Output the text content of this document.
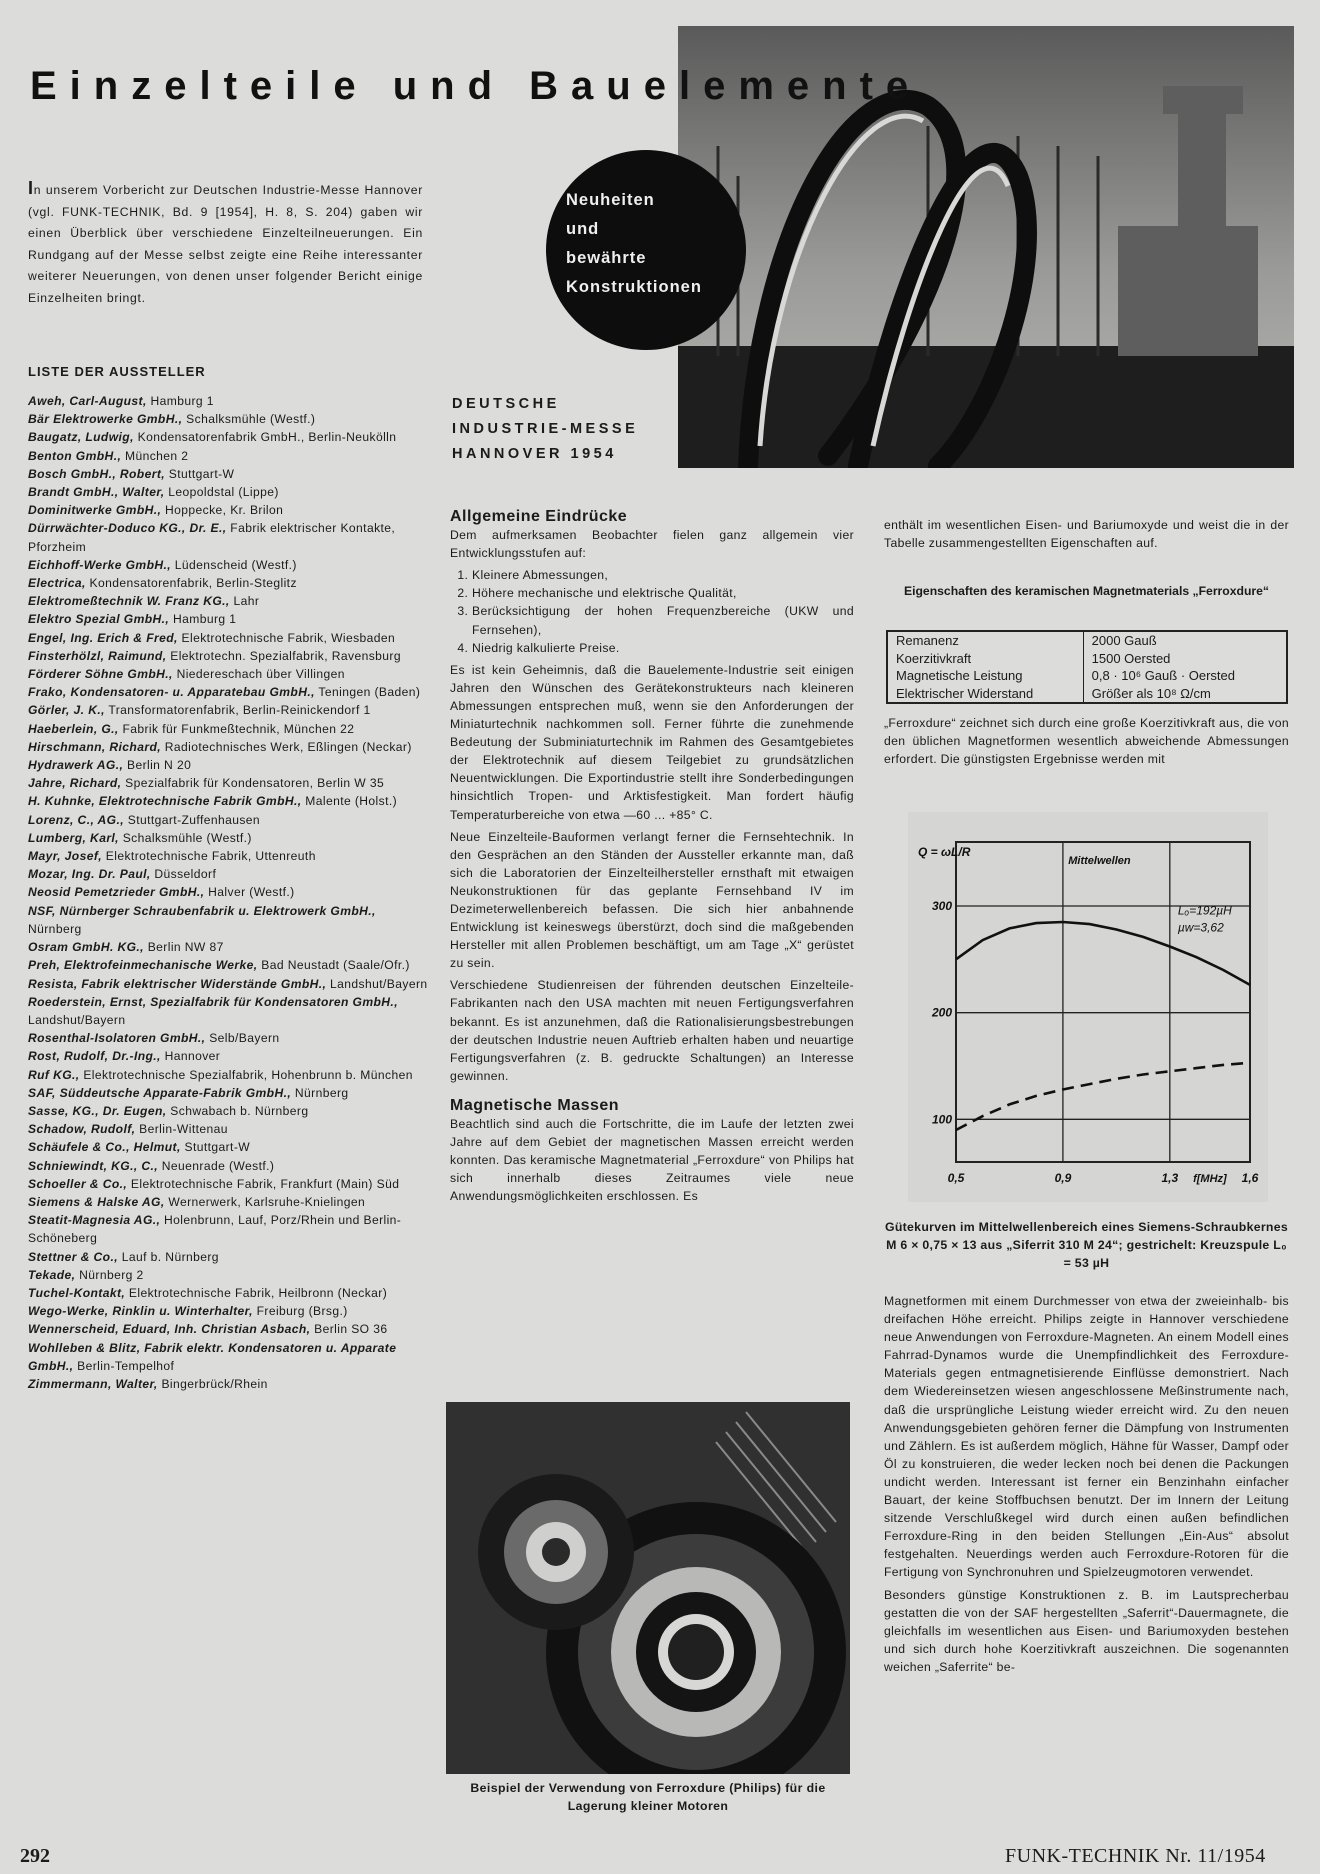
Einzelteile und Bauelemente
Neuheiten
und
bewährte
Konstruktionen
In unserem Vorbericht zur Deutschen Industrie-Messe Hannover (vgl. FUNK-TECHNIK, Bd. 9 [1954], H. 8, S. 204) gaben wir einen Überblick über verschiedene Einzelteilneuerungen. Ein Rundgang auf der Messe selbst zeigte eine Reihe interessanter weiterer Neuerungen, von denen unser folgender Bericht einige Einzelheiten bringt.
LISTE DER AUSSTELLER
Aweh, Carl-August, Hamburg 1
Bär Elektrowerke GmbH., Schalksmühle (Westf.)
Baugatz, Ludwig, Kondensatorenfabrik GmbH., Berlin-Neukölln
Benton GmbH., München 2
Bosch GmbH., Robert, Stuttgart-W
Brandt GmbH., Walter, Leopoldstal (Lippe)
Dominitwerke GmbH., Hoppecke, Kr. Brilon
Dürrwächter-Doduco KG., Dr. E., Fabrik elektrischer Kontakte, Pforzheim
Eichhoff-Werke GmbH., Lüdenscheid (Westf.)
Electrica, Kondensatorenfabrik, Berlin-Steglitz
Elektromeßtechnik W. Franz KG., Lahr
Elektro Spezial GmbH., Hamburg 1
Engel, Ing. Erich & Fred, Elektrotechnische Fabrik, Wiesbaden
Finsterhölzl, Raimund, Elektrotechn. Spezialfabrik, Ravensburg
Förderer Söhne GmbH., Niedereschach über Villingen
Frako, Kondensatoren- u. Apparatebau GmbH., Teningen (Baden)
Görler, J. K., Transformatorenfabrik, Berlin-Reinickendorf 1
Haeberlein, G., Fabrik für Funkmeßtechnik, München 22
Hirschmann, Richard, Radiotechnisches Werk, Eßlingen (Neckar)
Hydrawerk AG., Berlin N 20
Jahre, Richard, Spezialfabrik für Kondensatoren, Berlin W 35
H. Kuhnke, Elektrotechnische Fabrik GmbH., Malente (Holst.)
Lorenz, C., AG., Stuttgart-Zuffenhausen
Lumberg, Karl, Schalksmühle (Westf.)
Mayr, Josef, Elektrotechnische Fabrik, Uttenreuth
Mozar, Ing. Dr. Paul, Düsseldorf
Neosid Pemetzrieder GmbH., Halver (Westf.)
NSF, Nürnberger Schraubenfabrik u. Elektrowerk GmbH., Nürnberg
Osram GmbH. KG., Berlin NW 87
Preh, Elektrofeinmechanische Werke, Bad Neustadt (Saale/Ofr.)
Resista, Fabrik elektrischer Widerstände GmbH., Landshut/Bayern
Roederstein, Ernst, Spezialfabrik für Kondensatoren GmbH., Landshut/Bayern
Rosenthal-Isolatoren GmbH., Selb/Bayern
Rost, Rudolf, Dr.-Ing., Hannover
Ruf KG., Elektrotechnische Spezialfabrik, Hohenbrunn b. München
SAF, Süddeutsche Apparate-Fabrik GmbH., Nürnberg
Sasse, KG., Dr. Eugen, Schwabach b. Nürnberg
Schadow, Rudolf, Berlin-Wittenau
Schäufele & Co., Helmut, Stuttgart-W
Schniewindt, KG., C., Neuenrade (Westf.)
Schoeller & Co., Elektrotechnische Fabrik, Frankfurt (Main) Süd
Siemens & Halske AG, Wernerwerk, Karlsruhe-Knielingen
Steatit-Magnesia AG., Holenbrunn, Lauf, Porz/Rhein und Berlin-Schöneberg
Stettner & Co., Lauf b. Nürnberg
Tekade, Nürnberg 2
Tuchel-Kontakt, Elektrotechnische Fabrik, Heilbronn (Neckar)
Wego-Werke, Rinklin u. Winterhalter, Freiburg (Brsg.)
Wennerscheid, Eduard, Inh. Christian Asbach, Berlin SO 36
Wohlleben & Blitz, Fabrik elektr. Kondensatoren u. Apparate GmbH., Berlin-Tempelhof
Zimmermann, Walter, Bingerbrück/Rhein
DEUTSCHE
INDUSTRIE-MESSE
HANNOVER 1954
Allgemeine Eindrücke

Dem aufmerksamen Beobachter fielen ganz allgemein vier Entwicklungsstufen auf:

1. Kleinere Abmessungen,
2. Höhere mechanische und elektrische Qualität,
3. Berücksichtigung der hohen Frequenzbereiche (UKW und Fernsehen),
4. Niedrig kalkulierte Preise.

Es ist kein Geheimnis, daß die Bauelemente-Industrie seit einigen Jahren den Wünschen des Gerätekonstrukteurs nach kleineren Abmessungen entsprechen muß, wenn sie den Anforderungen der Miniaturtechnik nachkommen soll. Ferner führte die zunehmende Bedeutung der Subminiaturtechnik im Rahmen des Gesamtgebietes der Elektrotechnik auf diesem Teilgebiet zu grundsätzlichen Neuentwicklungen. Die Exportindustrie stellt ihre Sonderbedingungen hinsichtlich Tropen- und Arktisfestigkeit. Man fordert häufig Temperaturbereiche von etwa —60 ... +85° C.

Neue Einzelteile-Bauformen verlangt ferner die Fernsehtechnik. In den Gesprächen an den Ständen der Aussteller erkannte man, daß sich die Laboratorien der Einzelteilhersteller ernsthaft mit etwaigen Neukonstruktionen für das geplante Fernsehband IV im Dezimeterwellenbereich befassen. Die sich hier anbahnende Entwicklung ist keineswegs überstürzt, doch sind die maßgebenden Hersteller mit allen Problemen beschäftigt, um am Tage „X“ gerüstet zu sein.

Verschiedene Studienreisen der führenden deutschen Einzelteile-Fabrikanten nach den USA machten mit neuen Fertigungsverfahren bekannt. Es ist anzunehmen, daß die Rationalisierungsbestrebungen der deutschen Industrie neuen Auftrieb erhalten haben und neuartige Fertigungsverfahren (z. B. gedruckte Schaltungen) an Interesse gewinnen.

Magnetische Massen

Beachtlich sind auch die Fortschritte, die im Laufe der letzten zwei Jahre auf dem Gebiet der magnetischen Massen erreicht werden konnten. Das keramische Magnetmaterial „Ferroxdure“ von Philips hat sich innerhalb dieses Zeitraumes viele neue Anwendungsmöglichkeiten erschlossen. Es

Beispiel der Verwendung von Ferroxdure (Philips) für die Lagerung kleiner Motoren

enthält im wesentlichen Eisen- und Bariumoxyde und weist die in der Tabelle zusammengestellten Eigenschaften auf.

Eigenschaften des keramischen Magnetmaterials „Ferroxdure“
Remanenz	2000 Gauß
Koerzitivkraft	1500 Oersted
Magnetische Leistung	0,8 · 10⁶ Gauß · Oersted
Elektrischer Widerstand	Größer als 10⁸ Ω/cm

„Ferroxdure“ zeichnet sich durch eine große Koerzitivkraft aus, die von den üblichen Magnetformen wesentlich abweichende Abmessungen erfordert. Die günstigsten Ergebnisse werden mit

0,5	0,9	1,3	1,6
100
200
300
Q = ωL/R
f[MHz]
Mittelwellen
Lₒ=192µH
µw=3,62
Gütekurven im Mittelwellenbereich eines Siemens-Schraubkernes M 6 × 0,75 × 13 aus „Siferrit 310 M 24“; gestrichelt: Kreuzspule L₀ = 53 µH

Magnetformen mit einem Durchmesser von etwa der zweieinhalb- bis dreifachen Höhe erreicht. Philips zeigte in Hannover verschiedene neue Anwendungen von Ferroxdure-Magneten. An einem Modell eines Fahrrad-Dynamos wurde die Unempfindlichkeit des Ferroxdure-Materials gegen entmagnetisierende Einflüsse demonstriert. Nach dem Wiedereinsetzen wiesen angeschlossene Meßinstrumente nach, daß die ursprüngliche Leistung wieder erreicht wird. Zu den neuen Anwendungsgebieten gehören ferner die Dämpfung von Instrumenten und Zählern. Es ist außerdem möglich, Hähne für Wasser, Dampf oder Öl zu konstruieren, die weder lecken noch bei denen die Packungen undicht werden. Interessant ist ferner ein Benzinhahn einfacher Bauart, der keine Stoffbuchsen benutzt. Der im Innern der Leitung sitzende Verschlußkegel wird durch einen außen befindlichen Ferroxdure-Ring in den beiden Stellungen „Ein-Aus“ absolut festgehalten. Neuerdings werden auch Ferroxdure-Rotoren für die Fertigung von Synchronuhren und Spielzeugmotoren verwendet.

Besonders günstige Konstruktionen z. B. im Lautsprecherbau gestatten die von der SAF hergestellten „Saferrit“-Dauermagnete, die gleichfalls im wesentlichen aus Eisen- und Bariumoxyden bestehen und sich durch hohe Koerzitivkraft auszeichnen. Die sogenannten weichen „Saferrite“ be-

292	FUNK-TECHNIK Nr. 11/1954
